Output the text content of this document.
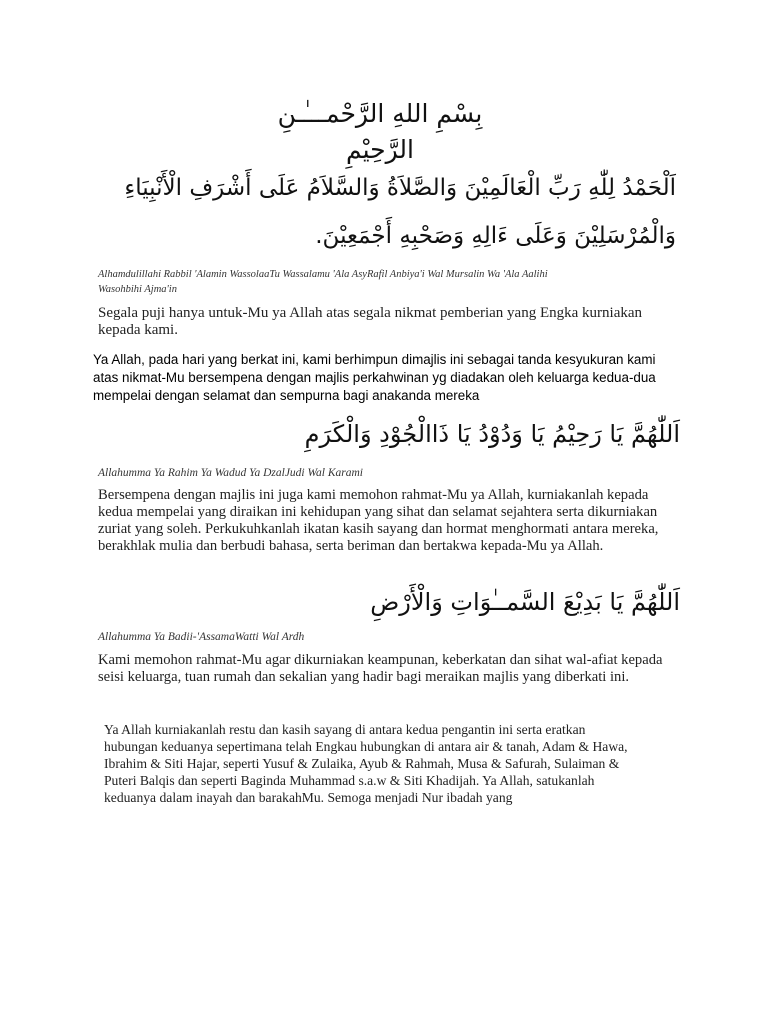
بِسْمِ اللهِ الرَّحْمـــٰـنِ الرَّحِيْمِ
اَلْحَمْدُ لِلّٰهِ رَبِّ الْعَالَمِيْنَ وَالصَّلاَةُ وَالسَّلاَمُ عَلَى أَشْرَفِ الْأَنْبِيَاءِ
وَالْمُرْسَلِيْنَ وَعَلَى ءَالِهِ وَصَحْبِهِ أَجْمَعِيْنَ.
Alhamdulillahi Rabbil 'Alamin WassolaaTu Wassalamu 'Ala AsyRafil Anbiya'i Wal Mursalin Wa 'Ala Aalihi
Wasohbihi Ajma'in
Segala puji hanya untuk-Mu ya Allah atas segala nikmat pemberian yang Engka kurniakan kepada kami.
Ya Allah, pada hari yang berkat ini, kami berhimpun dimajlis ini sebagai tanda kesyukuran kami atas nikmat-Mu bersempena dengan majlis perkahwinan yg diadakan oleh keluarga kedua-dua mempelai dengan selamat dan sempurna bagi anakanda mereka
اَللّٰهُمَّ يَا رَحِيْمُ يَا وَدُوْدُ يَا ذَاالْجُوْدِ وَالْكَرَمِ
Allahumma Ya Rahim Ya Wadud Ya DzalJudi Wal Karami
Bersempena dengan majlis ini juga kami memohon rahmat-Mu ya Allah, kurniakanlah kepada kedua mempelai yang diraikan ini kehidupan yang sihat dan selamat sejahtera serta dikurniakan zuriat yang soleh. Perkukuhkanlah ikatan kasih sayang dan hormat menghormati antara mereka, berakhlak mulia dan berbudi bahasa, serta beriman dan bertakwa kepada-Mu ya Allah.
اَللّٰهُمَّ يَا بَدِيْعَ السَّمــٰوَاتِ وَالْأَرْضِ
Allahumma Ya Badii-'AssamaWatti Wal Ardh
Kami memohon rahmat-Mu agar dikurniakan keampunan, keberkatan dan sihat wal-afiat kepada seisi keluarga, tuan rumah dan sekalian yang hadir bagi meraikan majlis yang diberkati ini.
Ya Allah kurniakanlah restu dan kasih sayang di antara kedua pengantin ini serta eratkan hubungan keduanya sepertimana telah Engkau hubungkan di antara air & tanah, Adam & Hawa, Ibrahim & Siti Hajar, seperti Yusuf & Zulaika, Ayub & Rahmah, Musa & Safurah, Sulaiman & Puteri Balqis dan seperti Baginda Muhammad s.a.w & Siti Khadijah. Ya Allah, satukanlah keduanya dalam inayah dan barakahMu. Semoga menjadi Nur ibadah yang
